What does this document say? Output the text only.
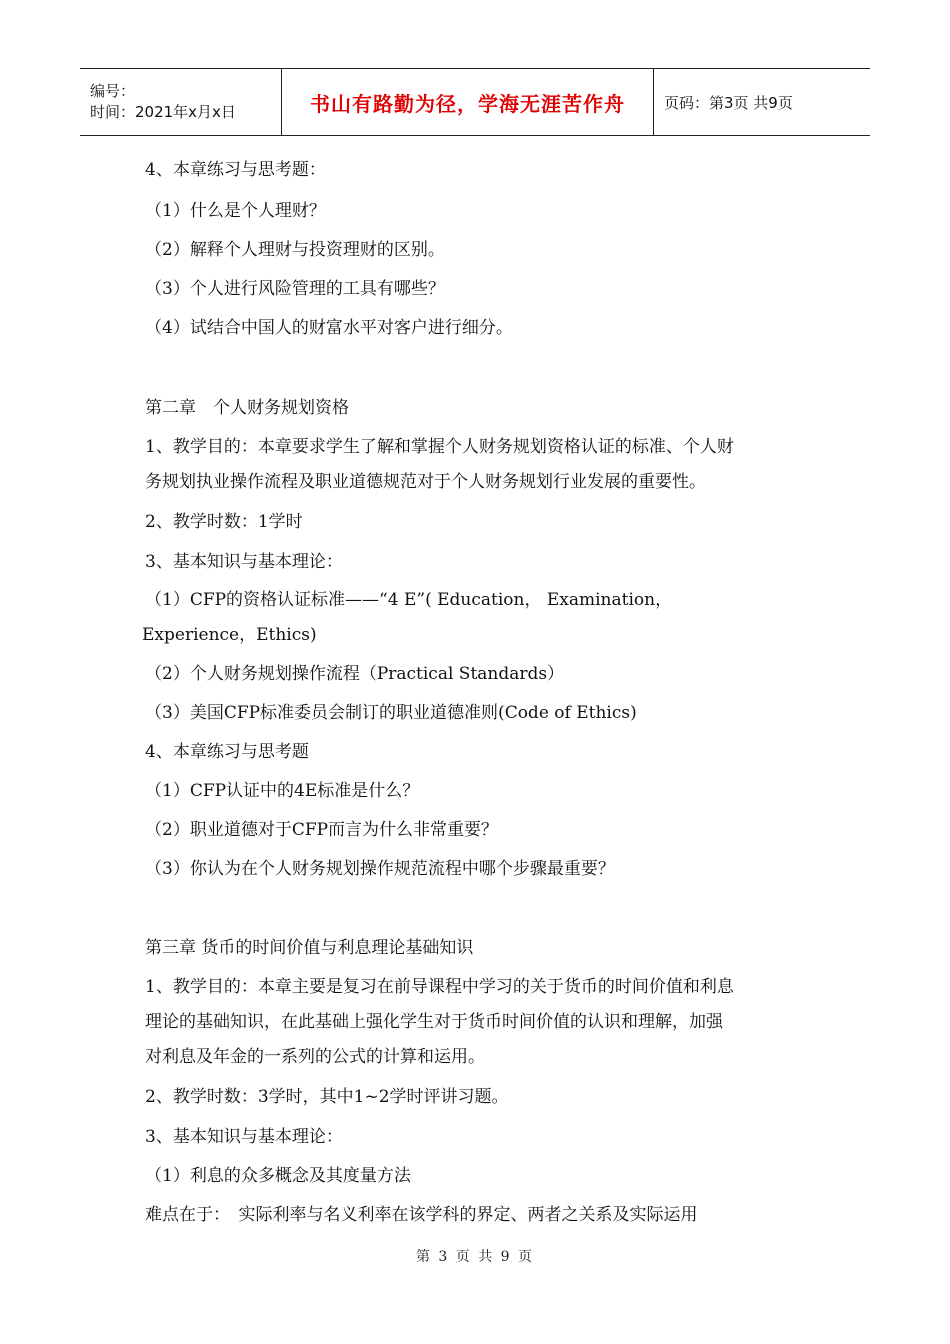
编号：
时间：2021年x月x日	书山有路勤为径，学海无涯苦作舟	页码：第3页 共9页
4、本章练习与思考题：
（1）什么是个人理财？
（2）解释个人理财与投资理财的区别。
（3）个人进行风险管理的工具有哪些？
（4）试结合中国人的财富水平对客户进行细分。
第二章　个人财务规划资格
1、教学目的：本章要求学生了解和掌握个人财务规划资格认证的标准、个人财
务规划执业操作流程及职业道德规范对于个人财务规划行业发展的重要性。
2、教学时数：1学时
3、基本知识与基本理论：
（1）CFP的资格认证标准——“4 E”( Education， Examination，
Experience，Ethics)
（2）个人财务规划操作流程（Practical Standards）
（3）美国CFP标准委员会制订的职业道德准则(Code of Ethics)
4、本章练习与思考题
（1）CFP认证中的4E标准是什么？
（2）职业道德对于CFP而言为什么非常重要？
（3）你认为在个人财务规划操作规范流程中哪个步骤最重要？
第三章 货币的时间价值与利息理论基础知识
1、教学目的：本章主要是复习在前导课程中学习的关于货币的时间价值和利息
理论的基础知识，在此基础上强化学生对于货币时间价值的认识和理解，加强
对利息及年金的一系列的公式的计算和运用。
2、教学时数：3学时，其中1~2学时评讲习题。
3、基本知识与基本理论：
（1）利息的众多概念及其度量方法
难点在于：　实际利率与名义利率在该学科的界定、两者之关系及实际运用
第 3 页 共 9 页
